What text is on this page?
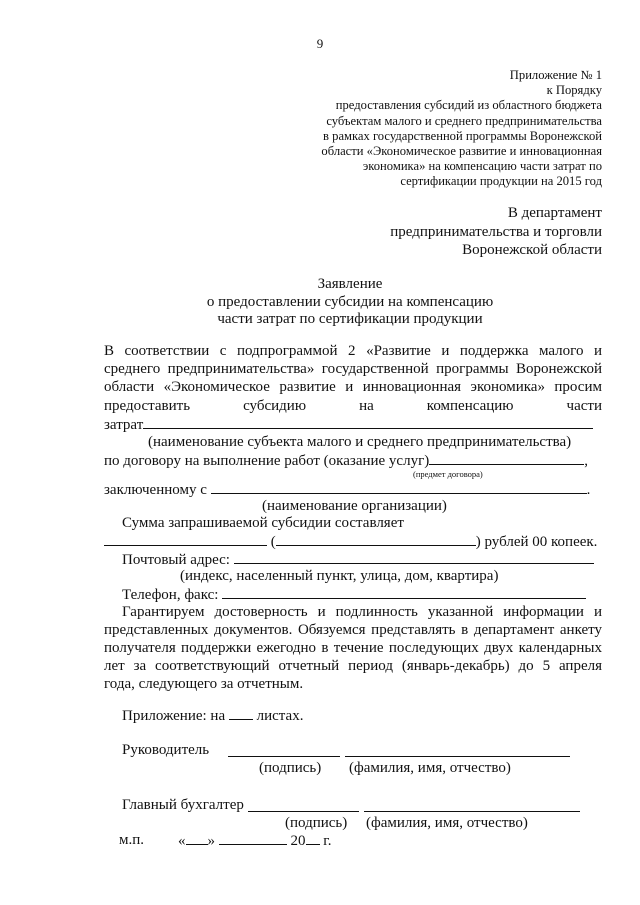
9
Приложение № 1
к Порядку
предоставления субсидий из областного бюджета
субъектам малого и среднего предпринимательства
в рамках государственной программы Воронежской
области «Экономическое развитие и инновационная
экономика» на компенсацию части затрат по
сертификации продукции на 2015 год
В департамент
предпринимательства и торговли
Воронежской области
Заявление
о предоставлении субсидии на компенсацию
части затрат по сертификации продукции
В соответствии с подпрограммой 2 «Развитие и поддержка малого и
среднего предпринимательства» государственной программы Воронежской
области «Экономическое развитие и инновационная экономика» просим
предоставить	субсидию	на	компенсацию	части
затрат
(наименование субъекта малого и среднего предпринимательства)
по договору на выполнение работ (оказание услуг)	,
(предмет договора)
заключенному с	.
(наименование организации)
Сумма запрашиваемой субсидии составляет
(	) рублей 00 копеек.
Почтовый адрес:
(индекс, населенный пункт, улица, дом, квартира)
Телефон, факс:
Гарантируем достоверность и подлинность указанной информации и
представленных документов. Обязуемся представлять в департамент анкету
получателя поддержки ежегодно в течение последующих двух календарных
лет за соответствующий отчетный период (январь-декабрь) до 5 апреля
года, следующего за отчетным.
Приложение: на листах.
Руководитель
(подпись) (фамилия, имя, отчество)
Главный бухгалтер
(подпись) (фамилия, имя, отчество)
м.п. « »	20 г.
